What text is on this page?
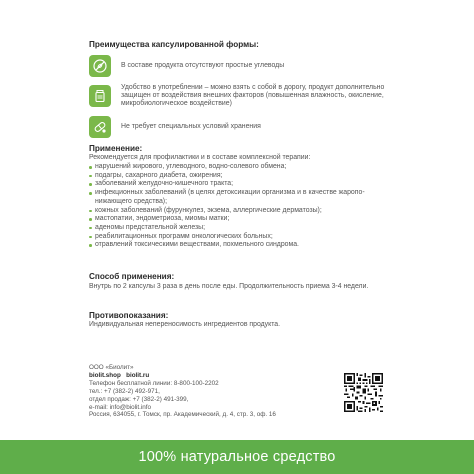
Преимущества капсулированной формы:
В составе продукта отсутствуют простые углеводы
Удобство в употреблении – можно взять с собой в дорогу, продукт дополнительно защищен от воздействия внешних факторов (повышенная влажность, окисление, микробиологическое воздействие)
Не требует специальных условий хранения
Применение:
Рекомендуется для профилактики и в составе комплексной терапии:
нарушений жирового, углеводного, водно-солевого обмена;
подагры, сахарного диабета, ожирения;
заболеваний желудочно-кишечного тракта;
инфекционных заболеваний (в целях детоксикации организма и в качестве жаропо-нижающего средства);
кожных заболеваний (фурункулез, экзема, аллергические дерматозы);
мастопатии, эндометриоза, миомы матки;
аденомы предстательной железы;
реабилитационных программ онкологических больных;
отравлений токсическими веществами, похмельного синдрома.
Способ применения:
Внутрь по 2 капсулы 3 раза в день после еды. Продолжительность приема 3-4 недели.
Противопоказания:
Индивидуальная непереносимость ингредиентов продукта.
ООО «Биолит»
biolit.shop biolit.ru
Телефон бесплатной линии: 8-800-100-2202
тел.: +7 (382-2) 492-971,
отдел продаж: +7 (382-2) 491-399,
e-mail: info@biolit.info
Россия, 634055, г. Томск, пр. Академический, д. 4, стр. 3, оф. 16
100% натуральное средство
